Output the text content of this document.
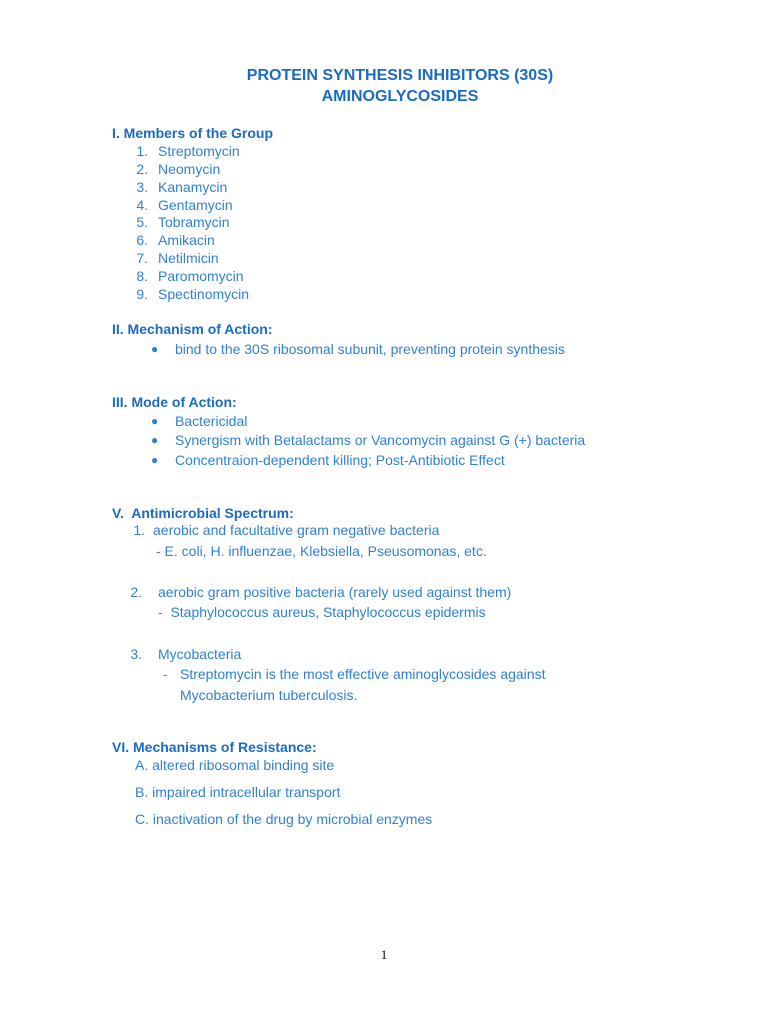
PROTEIN SYNTHESIS INHIBITORS (30S)
AMINOGLYCOSIDES
I. Members of the Group
1. Streptomycin
2. Neomycin
3. Kanamycin
4. Gentamycin
5. Tobramycin
6. Amikacin
7. Netilmicin
8. Paromomycin
9. Spectinomycin
II. Mechanism of Action:
● bind to the 30S ribosomal subunit, preventing protein synthesis
III. Mode of Action:
● Bactericidal
● Synergism with Betalactams or Vancomycin against G (+) bacteria
● Concentraion-dependent killing; Post-Antibiotic Effect
V.  Antimicrobial Spectrum:
1. aerobic and facultative gram negative bacteria
- E. coli, H. influenzae, Klebsiella, Pseusomonas, etc.
2. aerobic gram positive bacteria (rarely used against them)
-  Staphylococcus aureus, Staphylococcus epidermis
3. Mycobacteria
- Streptomycin is the most effective aminoglycosides against
Mycobacterium tuberculosis.
VI. Mechanisms of Resistance:
A. altered ribosomal binding site
B. impaired intracellular transport
C. inactivation of the drug by microbial enzymes
1
